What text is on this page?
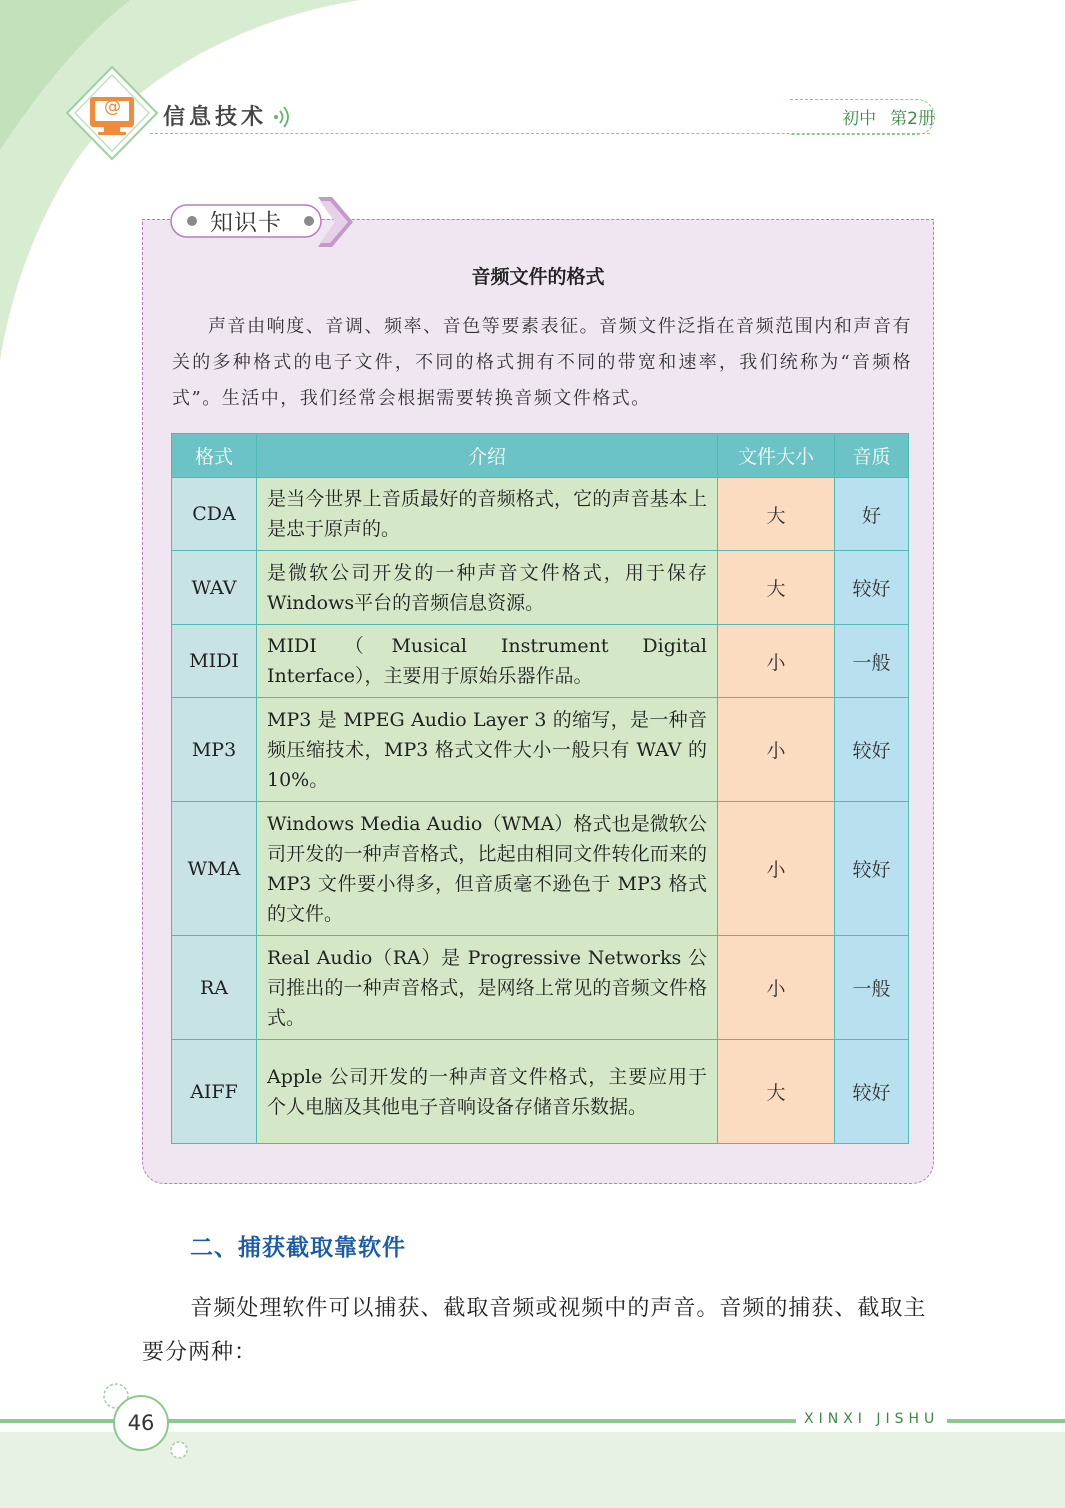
@ 信息技术	初中 第2册
知识卡
音频文件的格式
声音由响度、音调、频率、音色等要素表征。音频文件泛指在音频范围内和声音有关的多种格式的电子文件，不同的格式拥有不同的带宽和速率，我们统称为“音频格式”。生活中，我们经常会根据需要转换音频文件格式。
格式	介绍	文件大小	音质
CDA	是当今世界上音质最好的音频格式，它的声音基本上是忠于原声的。	大	好
WAV	是微软公司开发的一种声音文件格式，用于保存Windows平台的音频信息资源。	大	较好
MIDI	MIDI（Musical Instrument Digital Interface），主要用于原始乐器作品。	小	一般
MP3	MP3 是 MPEG Audio Layer 3 的缩写，是一种音频压缩技术，MP3 格式文件大小一般只有 WAV 的 10%。	小	较好
WMA	Windows Media Audio（WMA）格式也是微软公司开发的一种声音格式，比起由相同文件转化而来的 MP3 文件要小得多，但音质毫不逊色于 MP3 格式的文件。	小	较好
RA	Real Audio（RA）是 Progressive Networks 公司推出的一种声音格式，是网络上常见的音频文件格式。	小	一般
AIFF	Apple 公司开发的一种声音文件格式，主要应用于个人电脑及其他电子音响设备存储音乐数据。	大	较好
二、捕获截取靠软件
音频处理软件可以捕获、截取音频或视频中的声音。音频的捕获、截取主要分两种：
46	XINXI JISHU
